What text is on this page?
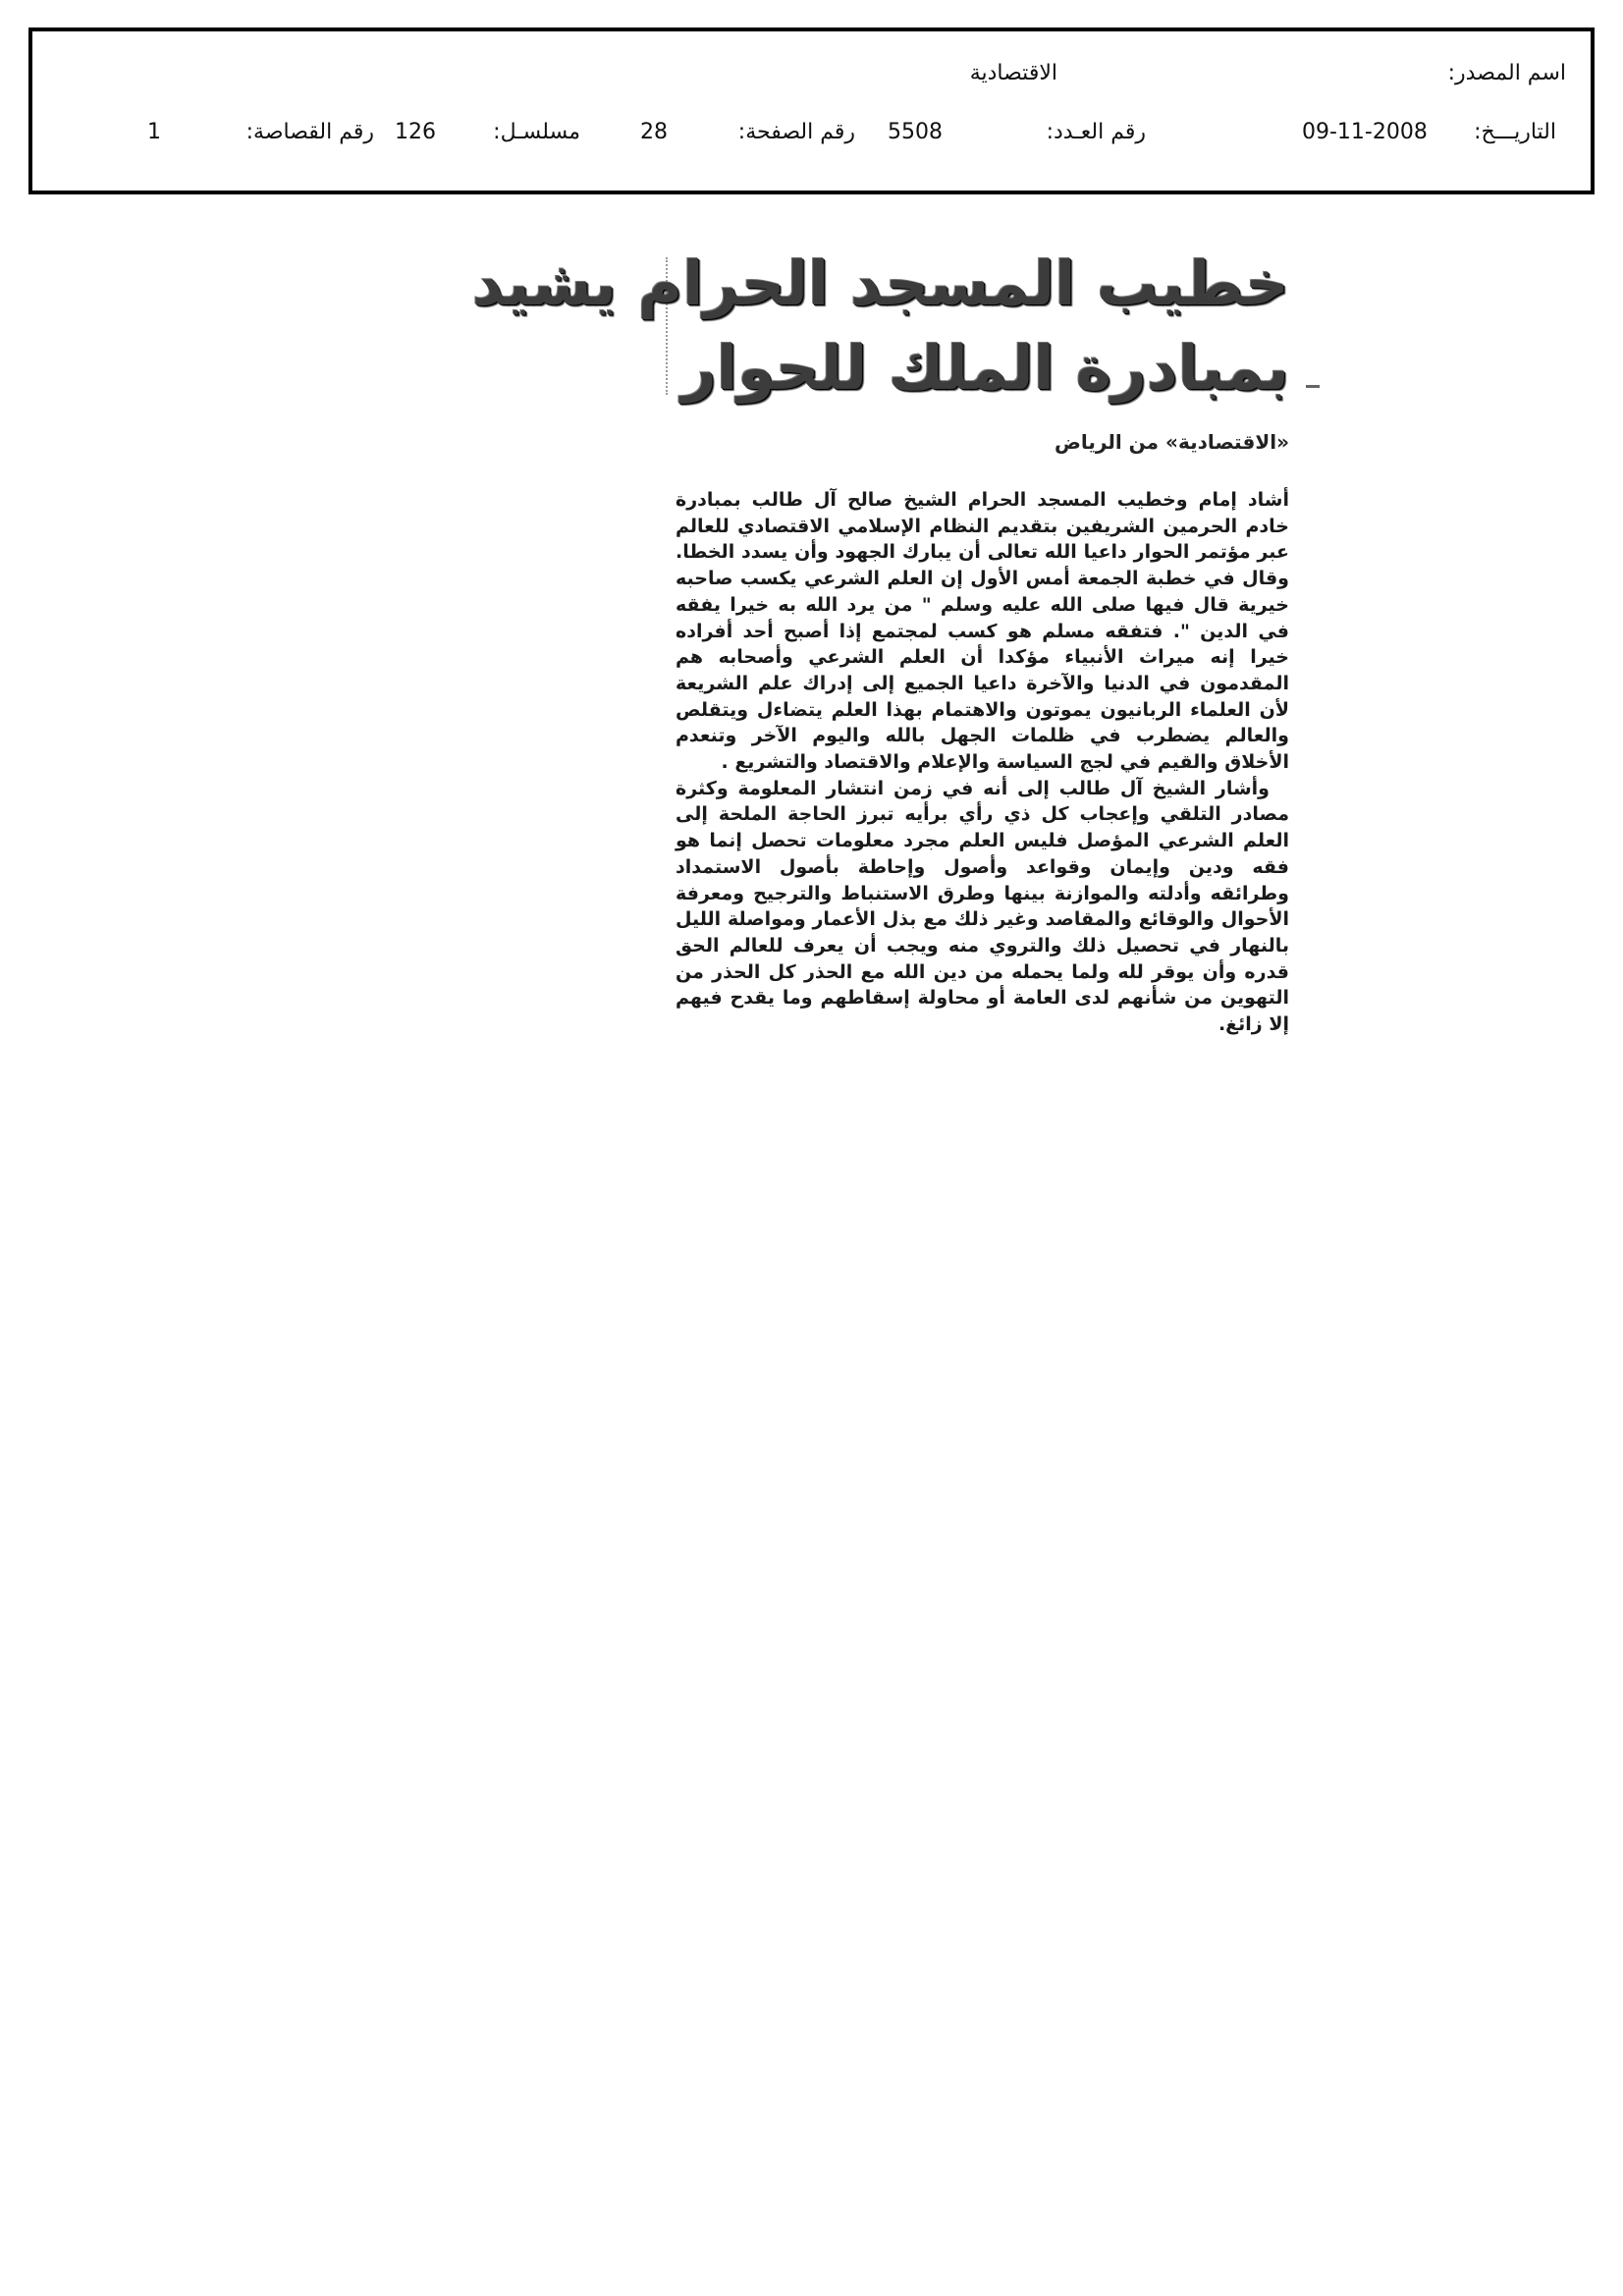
اسم المصدر:
الاقتصادية
التاريـــخ:
09-11-2008
رقم العـدد:
5508
رقم الصفحة:
28
مسلسـل:
126
رقم القصاصة:
1
خطيب المسجد الحرام يشيد
بمبادرة الملك للحوار
«الاقتصادية» من الرياض

أشاد إمام وخطيب المسجد الحرام الشيخ صالح آل طالب بمبادرة خادم الحرمين الشريفين بتقديم النظام الإسلامي الاقتصادي للعالم عبر مؤتمر الحوار داعيا الله تعالى أن يبارك الجهود وأن يسدد الخطا. وقال في خطبة الجمعة أمس الأول إن العلم الشرعي يكسب صاحبه خيرية قال فيها صلى الله عليه وسلم " من يرد الله به خيرا يفقه في الدين ". فتفقه مسلم هو كسب لمجتمع إذا أصبح أحد أفراده خيرا إنه ميراث الأنبياء مؤكدا أن العلم الشرعي وأصحابه هم المقدمون في الدنيا والآخرة داعيا الجميع إلى إدراك علم الشريعة لأن العلماء الربانيون يموتون والاهتمام بهذا العلم يتضاءل ويتقلص والعالم يضطرب في ظلمات الجهل بالله واليوم الآخر وتنعدم الأخلاق والقيم في لجج السياسة والإعلام والاقتصاد والتشريع .

وأشار الشيخ آل طالب إلى أنه في زمن انتشار المعلومة وكثرة مصادر التلقي وإعجاب كل ذي رأي برأيه تبرز الحاجة الملحة إلى العلم الشرعي المؤصل فليس العلم مجرد معلومات تحصل إنما هو فقه ودين وإيمان وقواعد وأصول وإحاطة بأصول الاستمداد وطرائقه وأدلته والموازنة بينها وطرق الاستنباط والترجيح ومعرفة الأحوال والوقائع والمقاصد وغير ذلك مع بذل الأعمار ومواصلة الليل بالنهار في تحصيل ذلك والتروي منه ويجب أن يعرف للعالم الحق قدره وأن يوقر لله ولما يحمله من دين الله مع الحذر كل الحذر من التهوين من شأنهم لدى العامة أو محاولة إسقاطهم وما يقدح فيهم إلا زائغ.
